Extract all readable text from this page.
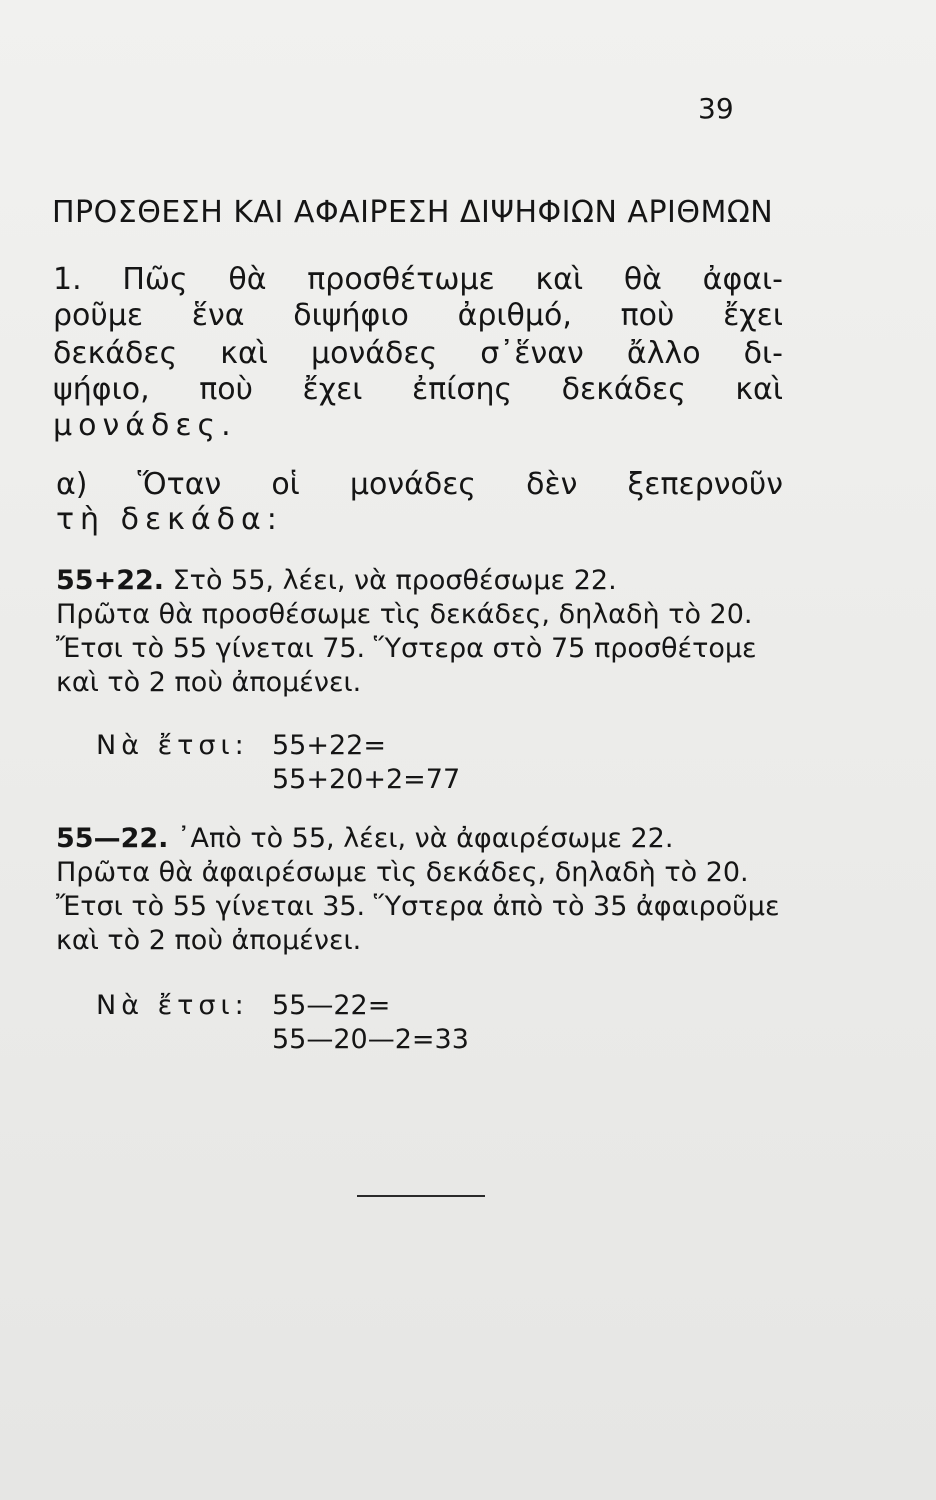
39
ΠΡΟΣΘΕΣΗ ΚΑΙ ΑΦΑΙΡΕΣΗ ΔΙΨΗΦΙΩΝ ΑΡΙΘΜΩΝ
1. Πῶς θὰ προσθέτωμε καὶ θὰ ἀφαι-
ροῦμε ἕνα διψήφιο ἀριθμό, ποὺ ἔχει
δεκάδες καὶ μονάδες σ᾽ἕναν ἄλλο δι-
ψήφιο, ποὺ ἔχει ἐπίσης δεκάδες καὶ
μονάδες.
α) Ὅταν οἱ μονάδες δὲν ξεπερνοῦν
τὴ δεκάδα:
55+22. Στὸ 55, λέει, νὰ προσθέσωμε 22.
Πρῶτα θὰ προσθέσωμε τὶς δεκάδες, δηλαδὴ τὸ 20.
Ἔτσι τὸ 55 γίνεται 75. Ὕστερα στὸ 75 προσθέτομε
καὶ τὸ 2 ποὺ ἀπομένει.
Νὰ ἔτσι: 55+22=
55+20+2=77
55—22. ᾽Απὸ τὸ 55, λέει, νὰ ἀφαιρέσωμε 22.
Πρῶτα θὰ ἀφαιρέσωμε τὶς δεκάδες, δηλαδὴ τὸ 20.
Ἔτσι τὸ 55 γίνεται 35. Ὕστερα ἀπὸ τὸ 35 ἀφαιροῦμε
καὶ τὸ 2 ποὺ ἀπομένει.
Νὰ ἔτσι: 55—22=
55—20—2=33
